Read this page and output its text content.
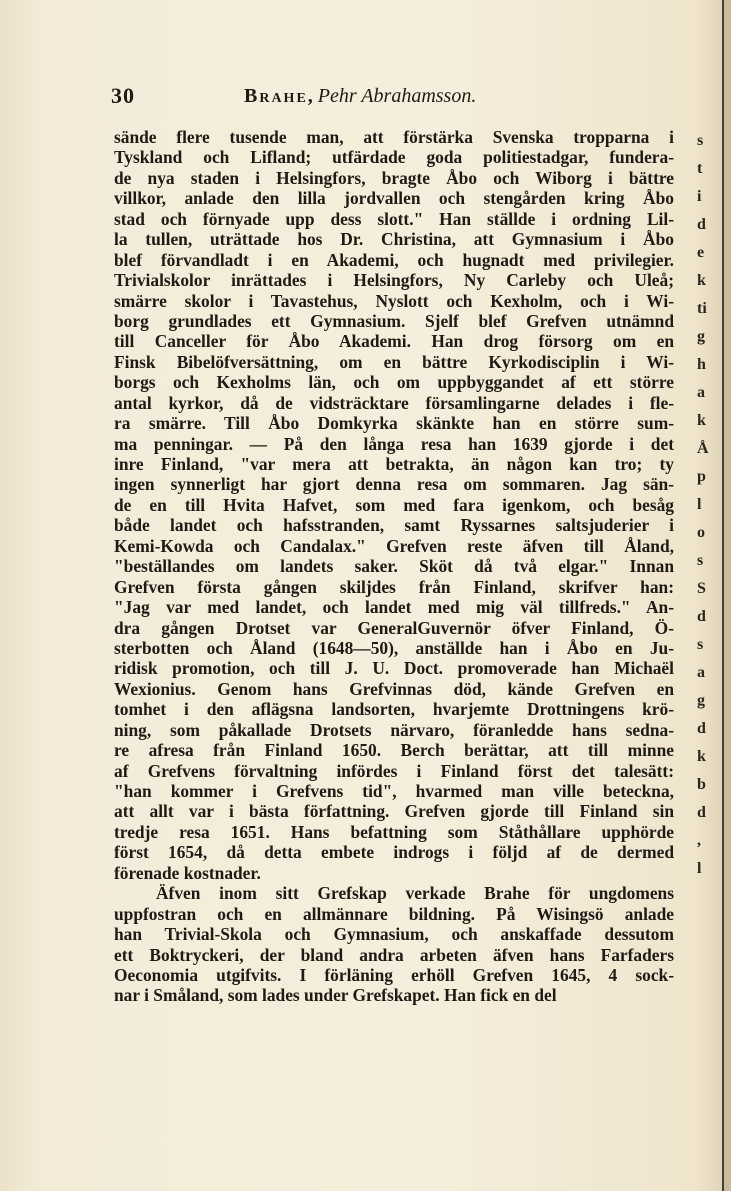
30	Brahe, Pehr Abrahamsson.
sände flere tusende man, att förstärka Svenska tropparna i
Tyskland och Lifland; utfärdade goda politiestadgar, fundera-
de nya staden i Helsingfors, bragte Åbo och Wiborg i bättre
villkor, anlade den lilla jordvallen och stengården kring Åbo
stad och förnyade upp dess slott." Han ställde i ordning Lil-
la tullen, uträttade hos Dr. Christina, att Gymnasium i Åbo
blef förvandladt i en Akademi, och hugnadt med privilegier.
Trivialskolor inrättades i Helsingfors, Ny Carleby och Uleå;
smärre skolor i Tavastehus, Nyslott och Kexholm, och i Wi-
borg grundlades ett Gymnasium. Sjelf blef Grefven utnämnd
till Canceller för Åbo Akademi. Han drog försorg om en
Finsk Bibelöfversättning, om en bättre Kyrkodisciplin i Wi-
borgs och Kexholms län, och om uppbyggandet af ett större
antal kyrkor, då de vidsträcktare församlingarne delades i fle-
ra smärre. Till Åbo Domkyrka skänkte han en större sum-
ma penningar. — På den långa resa han 1639 gjorde i det
inre Finland, "var mera att betrakta, än någon kan tro; ty
ingen synnerligt har gjort denna resa om sommaren. Jag sän-
de en till Hvita Hafvet, som med fara igenkom, och besåg
både landet och hafsstranden, samt Ryssarnes saltsjuderier i
Kemi-Kowda och Candalax." Grefven reste äfven till Åland,
"beställandes om landets saker. Sköt då två elgar." Innan
Grefven första gången skiljdes från Finland, skrifver han:
"Jag var med landet, och landet med mig väl tillfreds." An-
dra gången Drotset var GeneralGuvernör öfver Finland, Ö-
sterbotten och Åland (1648—50), anställde han i Åbo en Ju-
ridisk promotion, och till J. U. Doct. promoverade han Michaël
Wexionius. Genom hans Grefvinnas död, kände Grefven en
tomhet i den aflägsna landsorten, hvarjemte Drottningens krö-
ning, som påkallade Drotsets närvaro, föranledde hans sedna-
re afresa från Finland 1650. Berch berättar, att till minne
af Grefvens förvaltning infördes i Finland först det talesätt:
"han kommer i Grefvens tid", hvarmed man ville beteckna,
att allt var i bästa författning. Grefven gjorde till Finland sin
tredje resa 1651. Hans befattning som Ståthållare upphörde
först 1654, då detta embete indrogs i följd af de dermed
förenade kostnader.
Äfven inom sitt Grefskap verkade Brahe för ungdomens
uppfostran och en allmännare bildning. På Wisingsö anlade
han Trivial-Skola och Gymnasium, och anskaffade dessutom
ett Boktryckeri, der bland andra arbeten äfven hans Farfaders
Oeconomia utgifvits. I förläning erhöll Grefven 1645, 4 sock-
nar i Småland, som lades under Grefskapet. Han fick en del
s
t
i
d
e
k
ti
g
h
a
k
Å
p
l
o
s
S
d
s
a
g
d
k
b
d
,
l
